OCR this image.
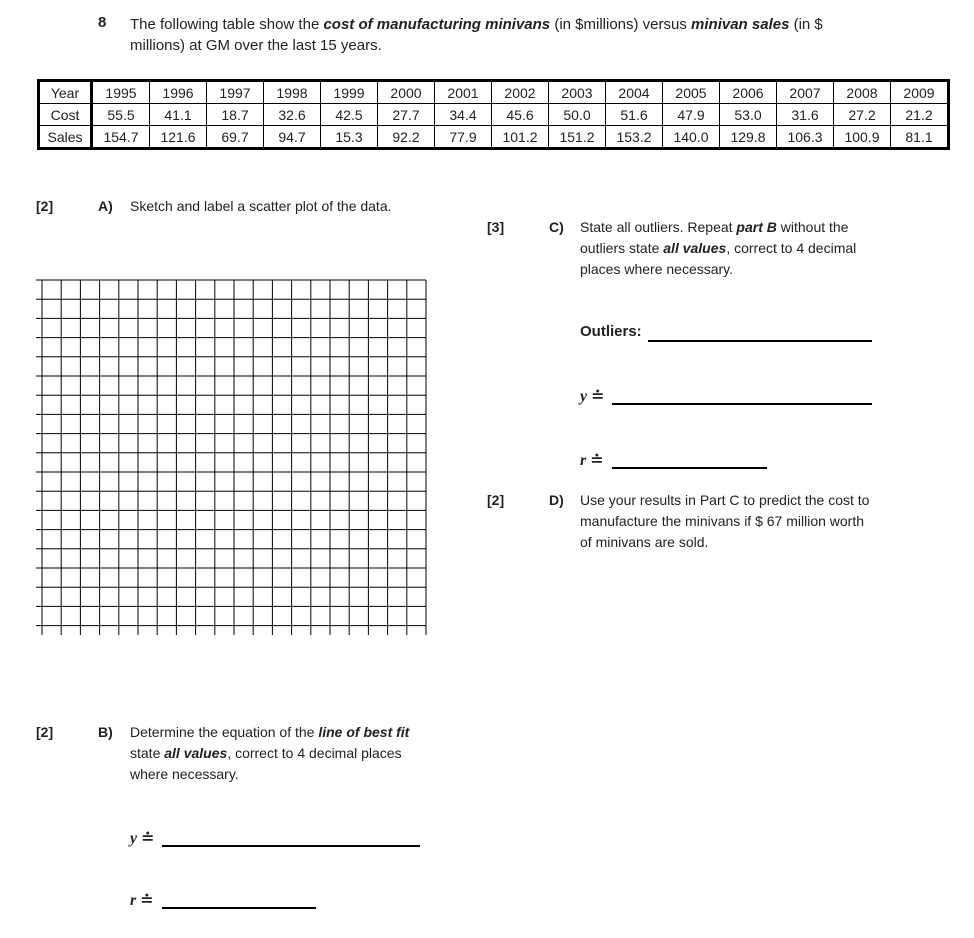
8 The following table show the cost of manufacturing minivans (in $millions) versus minivan sales (in $ millions) at GM over the last 15 years.
Year	1995	1996	1997	1998	1999	2000	2001	2002	2003	2004	2005	2006	2007	2008	2009
Cost	55.5	41.1	18.7	32.6	42.5	27.7	34.4	45.6	50.0	51.6	47.9	53.0	31.6	27.2	21.2
Sales	154.7	121.6	69.7	94.7	15.3	92.2	77.9	101.2	151.2	153.2	140.0	129.8	106.3	100.9	81.1
[2]	A) Sketch and label a scatter plot of the data.
[2]	B) Determine the equation of the line of best fit state all values, correct to 4 decimal places where necessary.
y ≐
r ≐
[3]	C) State all outliers. Repeat part B without the outliers state all values, correct to 4 decimal places where necessary.
Outliers:
y ≐
r ≐
[2]	D) Use your results in Part C to predict the cost to manufacture the minivans if $ 67 million worth of minivans are sold.
